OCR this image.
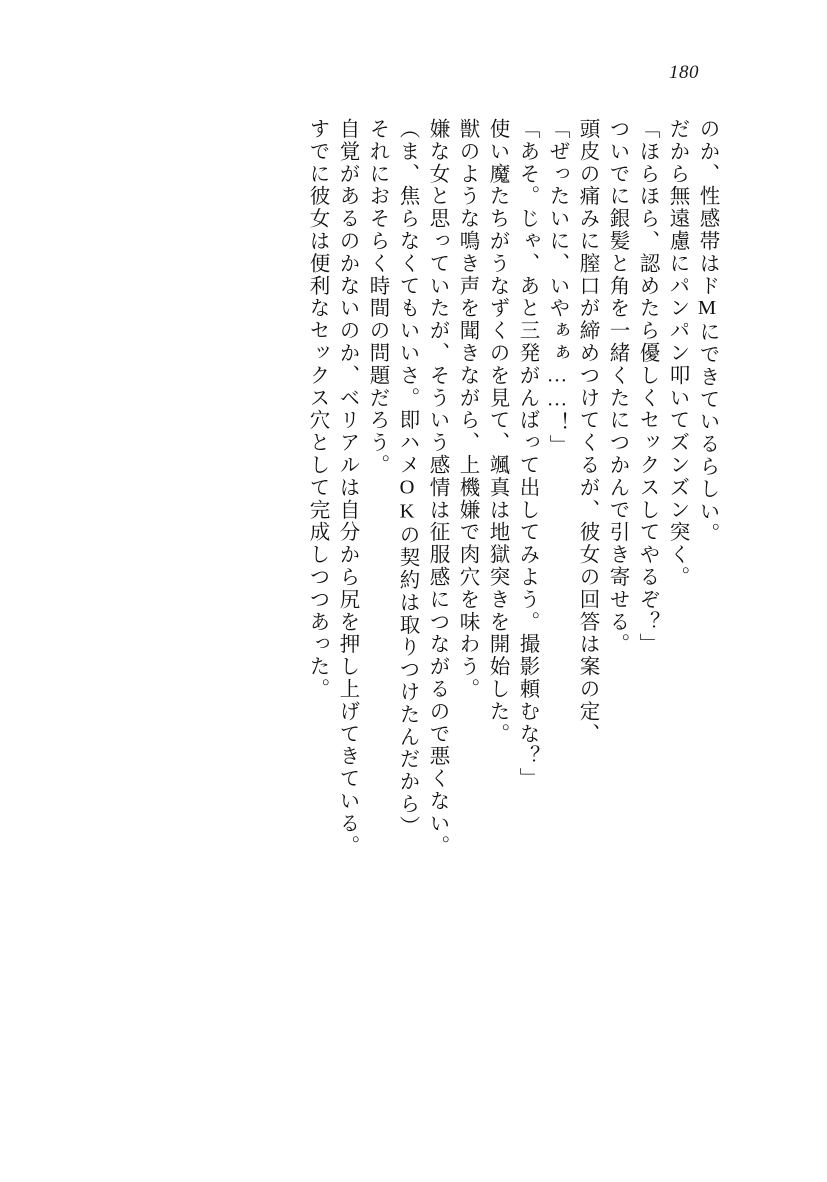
180
のか、性感帯はドMにできているらしい。
だから無遠慮にパンパン叩いてズンズン突く。
「ほらほら、認めたら優しくセックスしてやるぞ？」
ついでに銀髪と角を一緒くたにつかんで引き寄せる。
頭皮の痛みに膣口が締めつけてくるが、彼女の回答は案の定、
「ぜったいに、いやぁぁ……！」
「あそ。じゃ、あと三発がんばって出してみよう。撮影頼むな？」
使い魔たちがうなずくのを見て、颯真は地獄突きを開始した。
獣のような鳴き声を聞きながら、上機嫌で肉穴を味わう。
嫌な女と思っていたが、そういう感情は征服感につながるので悪くない。
（ま、焦らなくてもいいさ。即ハメOKの契約は取りつけたんだから）
それにおそらく時間の問題だろう。
自覚があるのかないのか、ベリアルは自分から尻を押し上げてきている。
すでに彼女は便利なセックス穴として完成しつつあった。
